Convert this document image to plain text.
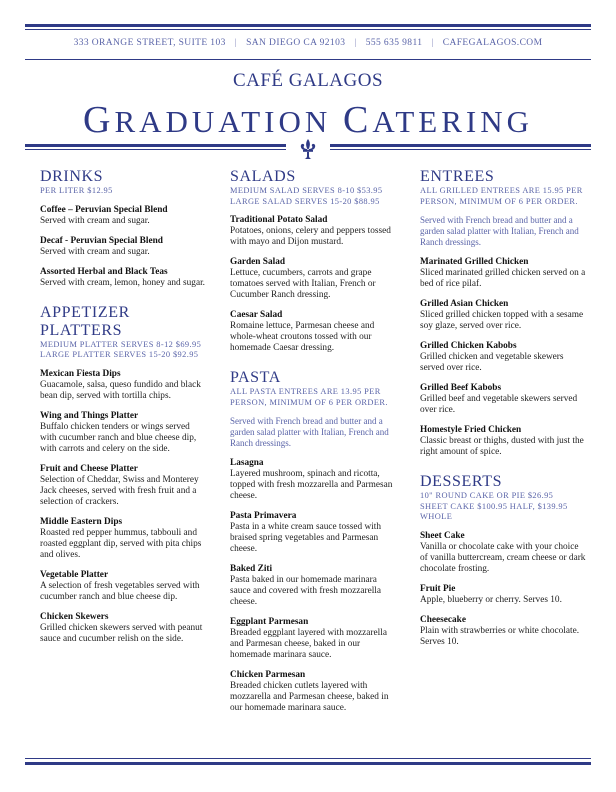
333 ORANGE STREET, SUITE 103 | SAN DIEGO CA 92103 | 555 635 9811 | CAFEGALAGOS.COM
CAFÉ GALAGOS
GRADUATION CATERING
DRINKS
PER LITER $12.95
Coffee – Peruvian Special Blend
Served with cream and sugar.
Decaf - Peruvian Special Blend
Served with cream and sugar.
Assorted Herbal and Black Teas
Served with cream, lemon, honey and sugar.
APPETIZER PLATTERS
MEDIUM PLATTER SERVES 8-12 $69.95
LARGE PLATTER SERVES 15-20 $92.95
Mexican Fiesta Dips
Guacamole, salsa, queso fundido and black bean dip, served with tortilla chips.
Wing and Things Platter
Buffalo chicken tenders or wings served with cucumber ranch and blue cheese dip, with carrots and celery on the side.
Fruit and Cheese Platter
Selection of Cheddar, Swiss and Monterey Jack cheeses, served with fresh fruit and a selection of crackers.
Middle Eastern Dips
Roasted red pepper hummus, tabbouli and roasted eggplant dip, served with pita chips and olives.
Vegetable Platter
A selection of fresh vegetables served with cucumber ranch and blue cheese dip.
Chicken Skewers
Grilled chicken skewers served with peanut sauce and cucumber relish on the side.
SALADS
MEDIUM SALAD SERVES 8-10 $53.95
LARGE SALAD SERVES 15-20 $88.95
Traditional Potato Salad
Potatoes, onions, celery and peppers tossed with mayo and Dijon mustard.
Garden Salad
Lettuce, cucumbers, carrots and grape tomatoes served with Italian, French or Cucumber Ranch dressing.
Caesar Salad
Romaine lettuce, Parmesan cheese and whole-wheat croutons tossed with our homemade Caesar dressing.
PASTA
ALL PASTA ENTREES ARE 13.95 PER PERSON, MINIMUM OF 6 PER ORDER.
Served with French bread and butter and a garden salad platter with Italian, French and Ranch dressings.
Lasagna
Layered mushroom, spinach and ricotta, topped with fresh mozzarella and Parmesan cheese.
Pasta Primavera
Pasta in a white cream sauce tossed with braised spring vegetables and Parmesan cheese.
Baked Ziti
Pasta baked in our homemade marinara sauce and covered with fresh mozzarella cheese.
Eggplant Parmesan
Breaded eggplant layered with mozzarella and Parmesan cheese, baked in our homemade marinara sauce.
Chicken Parmesan
Breaded chicken cutlets layered with mozzarella and Parmesan cheese, baked in our homemade marinara sauce.
ENTREES
ALL GRILLED ENTREES ARE 15.95 PER PERSON, MINIMUM OF 6 PER ORDER.
Served with French bread and butter and a garden salad platter with Italian, French and Ranch dressings.
Marinated Grilled Chicken
Sliced marinated grilled chicken served on a bed of rice pilaf.
Grilled Asian Chicken
Sliced grilled chicken topped with a sesame soy glaze, served over rice.
Grilled Chicken Kabobs
Grilled chicken and vegetable skewers served over rice.
Grilled Beef Kabobs
Grilled beef and vegetable skewers served over rice.
Homestyle Fried Chicken
Classic breast or thighs, dusted with just the right amount of spice.
DESSERTS
10" ROUND CAKE OR PIE $26.95
SHEET CAKE $100.95 HALF, $139.95 WHOLE
Sheet Cake
Vanilla or chocolate cake with your choice of vanilla buttercream, cream cheese or dark chocolate frosting.
Fruit Pie
Apple, blueberry or cherry. Serves 10.
Cheesecake
Plain with strawberries or white chocolate. Serves 10.
